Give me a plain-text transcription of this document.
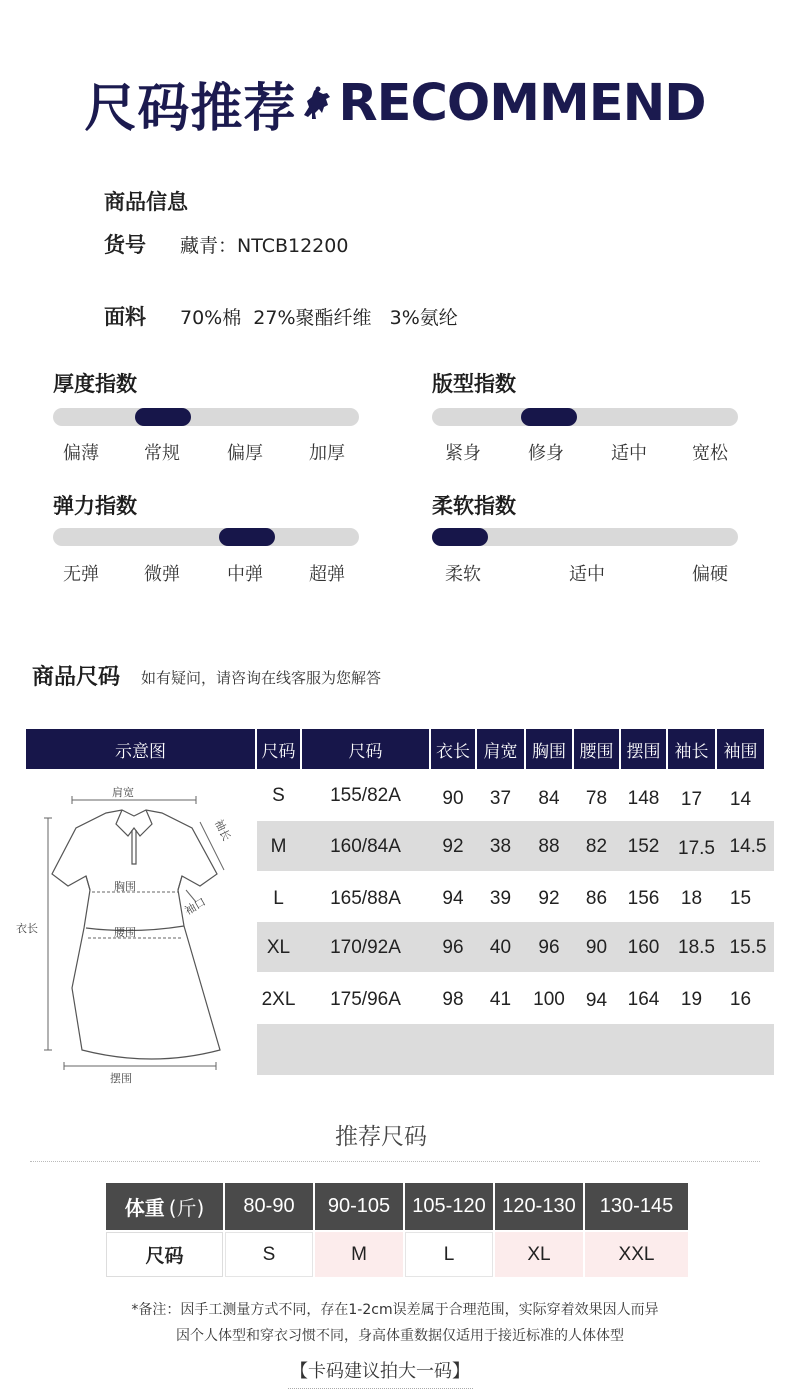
尺码推荐 RECOMMEND
商品信息
货号 藏青：NTCB12200
面料 70%棉  27%聚酯纤维   3%氨纶
厚度指数
偏薄	常规	偏厚	加厚
版型指数
紧身	修身	适中	宽松
弹力指数
无弹	微弹	中弹	超弹
柔软指数
柔软	适中	偏硬
商品尺码 如有疑问，请咨询在线客服为您解答
示意图	尺码	尺码	衣长 肩宽 胸围 腰围 摆围 袖长 袖围
S	155/82A	90	37	84	78	148	17	14
M	160/84A	92	38	88	82	152 17.5 14.5
L	165/88A	94	39	92	86	156	18	15
XL	170/92A	96	40	96	90	160 18.5 15.5
2XL	175/96A	98	41	100	94	164	19	16
肩宽
袖长
胸围
袖口
衣长	腰围
摆围
推荐尺码
体重 (斤)	80-90	90-105	105-120 120-130	130-145
尺码	S	M	L	XL	XXL
*备注：因手工测量方式不同，存在1-2cm误差属于合理范围，实际穿着效果因人而异
因个人体型和穿衣习惯不同，身高体重数据仅适用于接近标准的人体体型
【卡码建议拍大一码】
